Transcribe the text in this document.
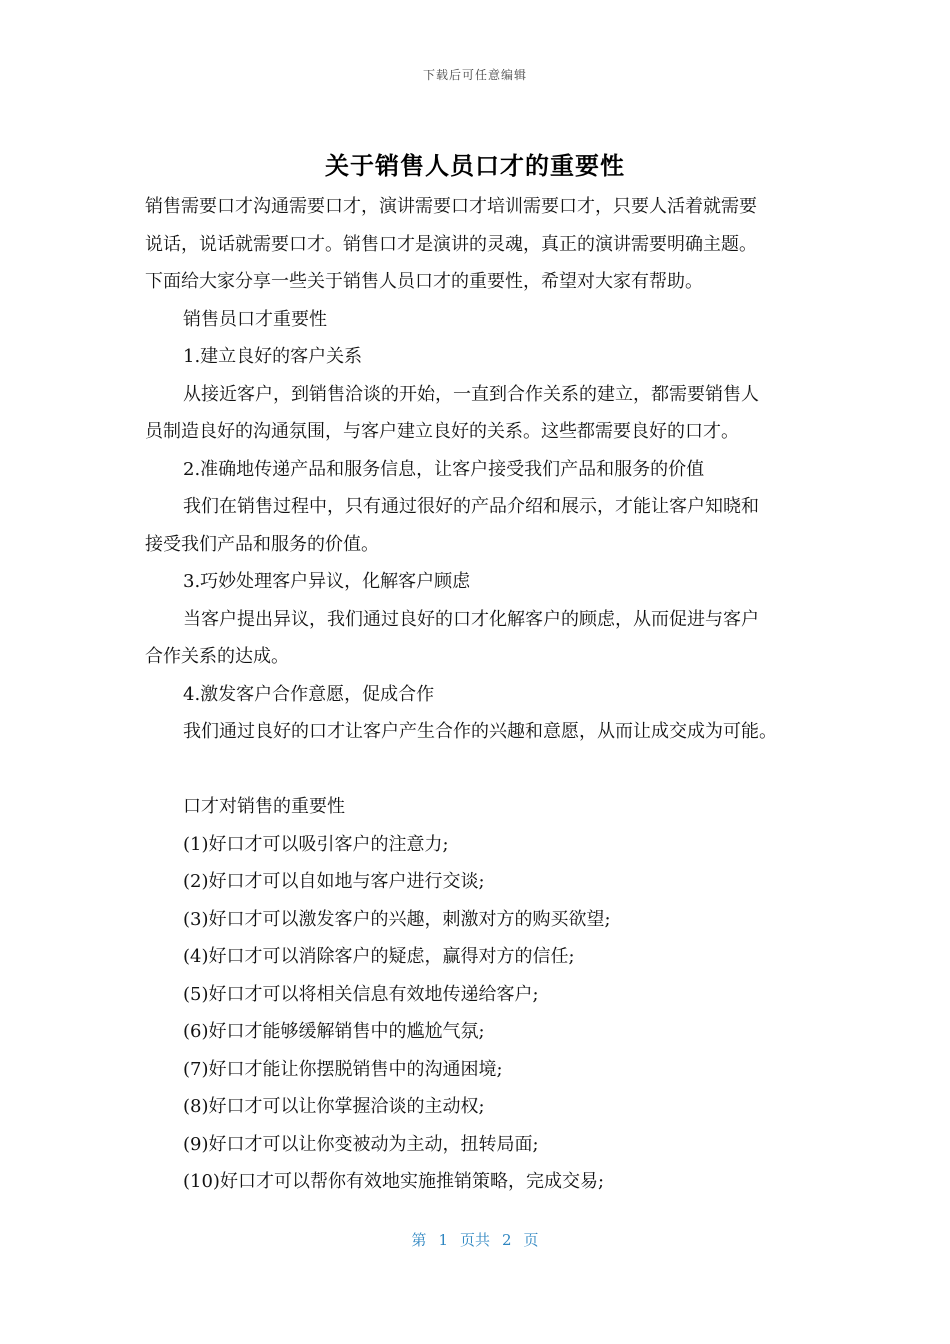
下载后可任意编辑
关于销售人员口才的重要性

销售需要口才沟通需要口才，演讲需要口才培训需要口才，只要人活着就需要

说话，说话就需要口才。销售口才是演讲的灵魂，真正的演讲需要明确主题。

下面给大家分享一些关于销售人员口才的重要性，希望对大家有帮助。

销售员口才重要性

1.建立良好的客户关系

从接近客户，到销售洽谈的开始，一直到合作关系的建立，都需要销售人

员制造良好的沟通氛围，与客户建立良好的关系。这些都需要良好的口才。

2.准确地传递产品和服务信息，让客户接受我们产品和服务的价值

我们在销售过程中，只有通过很好的产品介绍和展示，才能让客户知晓和

接受我们产品和服务的价值。

3.巧妙处理客户异议，化解客户顾虑

当客户提出异议，我们通过良好的口才化解客户的顾虑，从而促进与客户

合作关系的达成。

4.激发客户合作意愿，促成合作

我们通过良好的口才让客户产生合作的兴趣和意愿，从而让成交成为可能。

口才对销售的重要性

(1)好口才可以吸引客户的注意力;

(2)好口才可以自如地与客户进行交谈;

(3)好口才可以激发客户的兴趣，刺激对方的购买欲望;

(4)好口才可以消除客户的疑虑，赢得对方的信任;

(5)好口才可以将相关信息有效地传递给客户;

(6)好口才能够缓解销售中的尴尬气氛;

(7)好口才能让你摆脱销售中的沟通困境;

(8)好口才可以让你掌握洽谈的主动权;

(9)好口才可以让你变被动为主动，扭转局面;

(10)好口才可以帮你有效地实施推销策略，完成交易;

第 1 页共 2 页
